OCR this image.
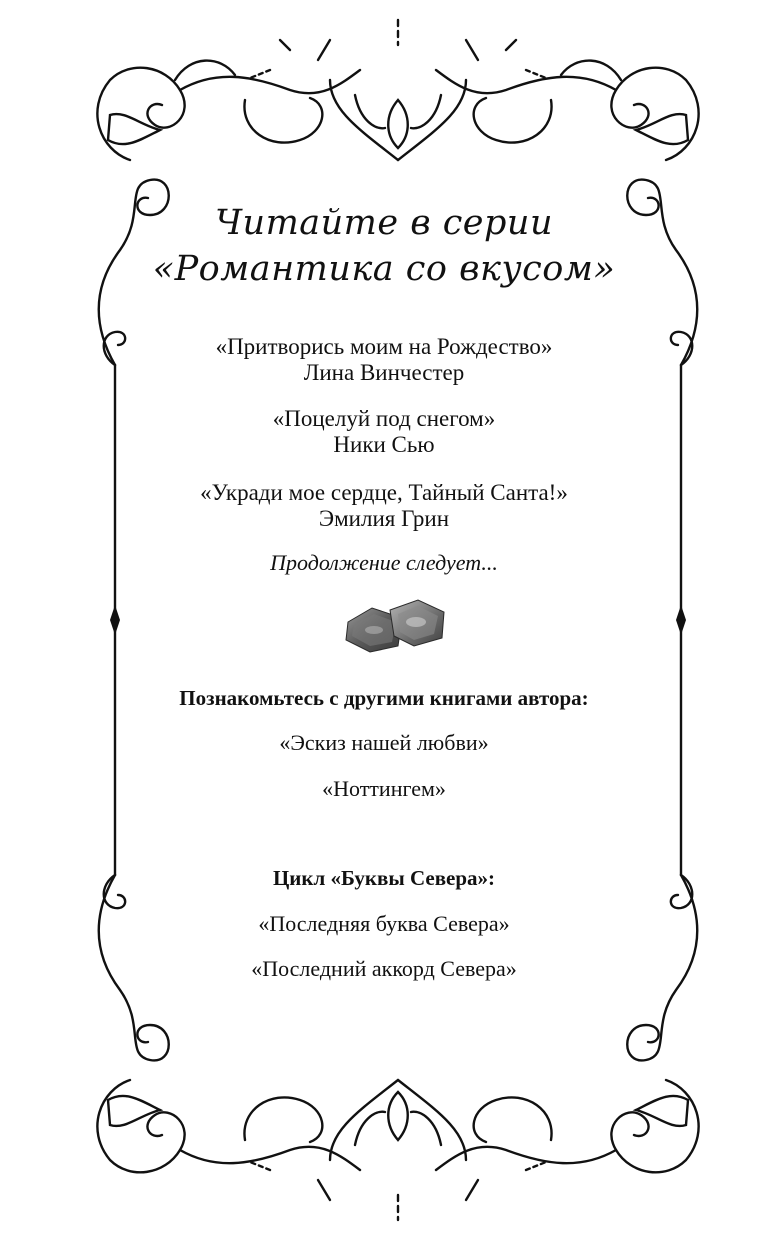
Читайте в серии
«Романтика со вкусом»
«Притворись моим на Рождество»
Лина Винчестер
«Поцелуй под снегом»
Ники Сью
«Укради мое сердце, Тайный Санта!»
Эмилия Грин
Продолжение следует...
Познакомьтесь с другими книгами автора:
«Эскиз нашей любви»
«Ноттингем»
Цикл «Буквы Севера»:
«Последняя буква Севера»
«Последний аккорд Севера»
